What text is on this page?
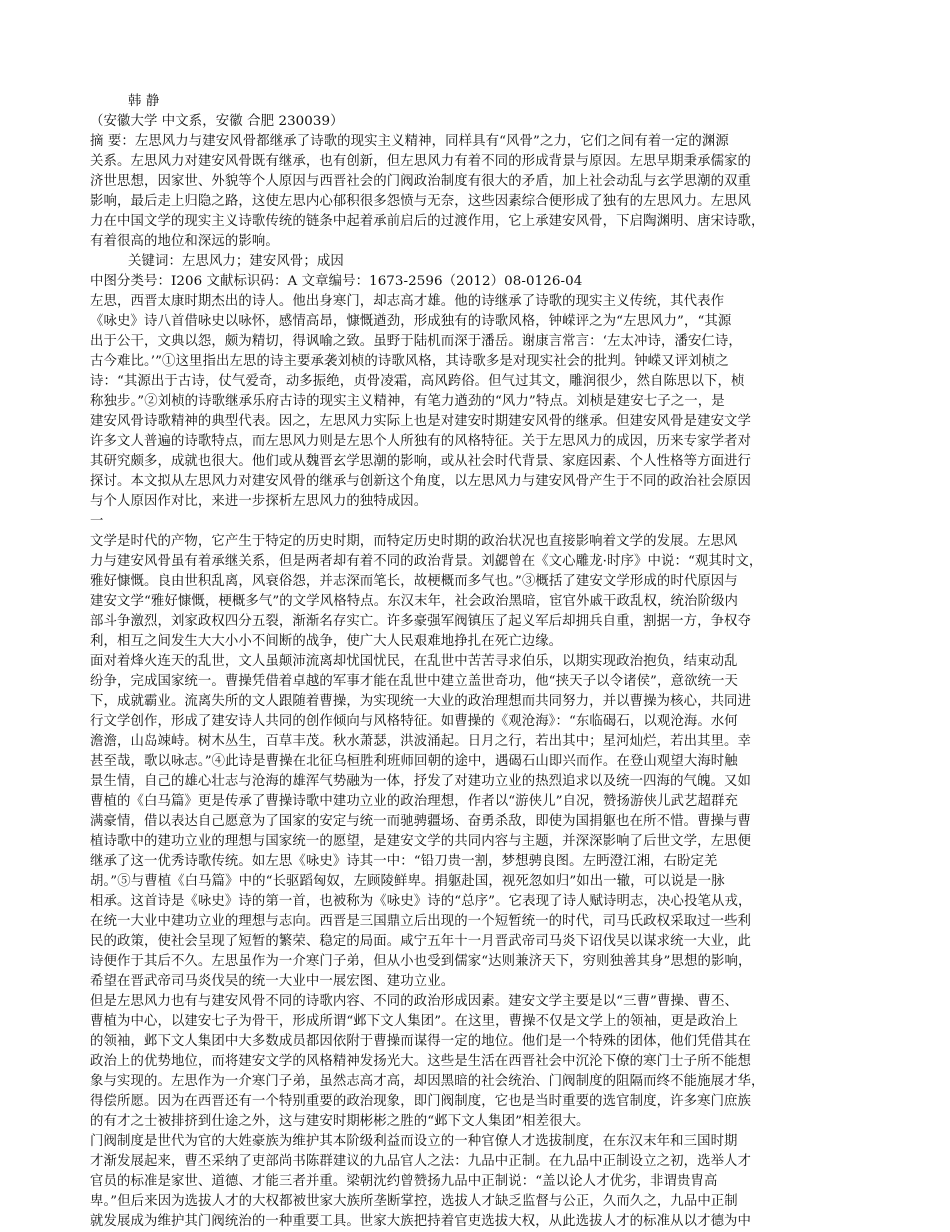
韩 静
（安徽大学 中文系，安徽 合肥 230039）
摘 要：左思风力与建安风骨都继承了诗歌的现实主义精神，同样具有“风骨”之力，它们之间有着一定的渊源
关系。左思风力对建安风骨既有继承，也有创新，但左思风力有着不同的形成背景与原因。左思早期秉承儒家的
济世思想，因家世、外貌等个人原因与西晋社会的门阀政治制度有很大的矛盾，加上社会动乱与玄学思潮的双重
影响，最后走上归隐之路，这使左思内心郁积很多怨愤与无奈，这些因素综合便形成了独有的左思风力。左思风
力在中国文学的现实主义诗歌传统的链条中起着承前启后的过渡作用，它上承建安风骨，下启陶渊明、唐宋诗歌，
有着很高的地位和深远的影响。
关键词：左思风力；建安风骨；成因
中图分类号：I206 文献标识码：A 文章编号：1673-2596（2012）08-0126-04
左思，西晋太康时期杰出的诗人。他出身寒门，却志高才雄。他的诗继承了诗歌的现实主义传统，其代表作
《咏史》诗八首借咏史以咏怀，感情高昂，慷慨遒劲，形成独有的诗歌风格，钟嵘评之为“左思风力”，“其源
出于公干，文典以怨，颇为精切，得讽喻之致。虽野于陆机而深于潘岳。谢康言常言：‘左太冲诗，潘安仁诗，
古今难比。’”①这里指出左思的诗主要承袭刘桢的诗歌风格，其诗歌多是对现实社会的批判。钟嵘又评刘桢之
诗：“其源出于古诗，仗气爱奇，动多振绝，贞骨凌霜，高风跨俗。但气过其文，雕润很少，然自陈思以下，桢
称独步。”②刘桢的诗歌继承乐府古诗的现实主义精神，有笔力遒劲的“风力”特点。刘桢是建安七子之一，是
建安风骨诗歌精神的典型代表。因之，左思风力实际上也是对建安时期建安风骨的继承。但建安风骨是建安文学
许多文人普遍的诗歌特点，而左思风力则是左思个人所独有的风格特征。关于左思风力的成因，历来专家学者对
其研究颇多，成就也很大。他们或从魏晋玄学思潮的影响，或从社会时代背景、家庭因素、个人性格等方面进行
探讨。本文拟从左思风力对建安风骨的继承与创新这个角度，以左思风力与建安风骨产生于不同的政治社会原因
与个人原因作对比，来进一步探析左思风力的独特成因。
一
文学是时代的产物，它产生于特定的历史时期，而特定历史时期的政治状况也直接影响着文学的发展。左思风
力与建安风骨虽有着承继关系，但是两者却有着不同的政治背景。刘勰曾在《文心雕龙·时序》中说：“观其时文，
雅好慷慨。良由世积乱离，风衰俗怨，并志深而笔长，故梗概而多气也。”③概括了建安文学形成的时代原因与
建安文学“雅好慷慨，梗概多气”的文学风格特点。东汉末年，社会政治黑暗，宦官外戚干政乱权，统治阶级内
部斗争激烈，刘家政权四分五裂，渐渐名存实亡。许多豪强军阀镇压了起义军后却拥兵自重，割据一方，争权夺
利，相互之间发生大大小小不间断的战争，使广大人民艰难地挣扎在死亡边缘。
面对着烽火连天的乱世，文人虽颠沛流离却忧国忧民，在乱世中苦苦寻求伯乐，以期实现政治抱负，结束动乱
纷争，完成国家统一。曹操凭借着卓越的军事才能在乱世中建立盖世奇功，他“挟天子以令诸侯”，意欲统一天
下，成就霸业。流离失所的文人跟随着曹操，为实现统一大业的政治理想而共同努力，并以曹操为核心，共同进
行文学创作，形成了建安诗人共同的创作倾向与风格特征。如曹操的《观沧海》：“东临碣石，以观沧海。水何
澹澹，山岛竦峙。树木丛生，百草丰茂。秋水萧瑟，洪波涌起。日月之行，若出其中；星河灿烂，若出其里。幸
甚至哉，歌以咏志。”④此诗是曹操在北征乌桓胜利班师回朝的途中，遇碣石山即兴而作。在登山观望大海时触
景生情，自己的雄心壮志与沧海的雄浑气势融为一体，抒发了对建功立业的热烈追求以及统一四海的气魄。又如
曹植的《白马篇》更是传承了曹操诗歌中建功立业的政治理想，作者以“游侠儿”自况，赞扬游侠儿武艺超群充
满豪情，借以表达自己愿意为了国家的安定与统一而驰骋疆场、奋勇杀敌，即使为国捐躯也在所不惜。曹操与曹
植诗歌中的建功立业的理想与国家统一的愿望，是建安文学的共同内容与主题，并深深影响了后世文学，左思便
继承了这一优秀诗歌传统。如左思《咏史》诗其一中：“铅刀贵一割，梦想骋良图。左眄澄江湘，右盼定羌
胡。”⑤与曹植《白马篇》中的“长驱蹈匈奴，左顾陵鲜卑。捐躯赴国，视死忽如归”如出一辙，可以说是一脉
相承。这首诗是《咏史》诗的第一首，也被称为《咏史》诗的“总序”。它表现了诗人赋诗明志，决心投笔从戎，
在统一大业中建功立业的理想与志向。西晋是三国鼎立后出现的一个短暂统一的时代，司马氏政权采取过一些利
民的政策，使社会呈现了短暂的繁荣、稳定的局面。咸宁五年十一月晋武帝司马炎下诏伐吴以谋求统一大业，此
诗便作于其后不久。左思虽作为一介寒门子弟，但从小也受到儒家“达则兼济天下，穷则独善其身”思想的影响，
希望在晋武帝司马炎伐吴的统一大业中一展宏图、建功立业。
但是左思风力也有与建安风骨不同的诗歌内容、不同的政治形成因素。建安文学主要是以“三曹”曹操、曹丕、
曹植为中心，以建安七子为骨干，形成所谓“邺下文人集团”。在这里，曹操不仅是文学上的领袖，更是政治上
的领袖，邺下文人集团中大多数成员都因依附于曹操而谋得一定的地位。他们是一个特殊的团体，他们凭借其在
政治上的优势地位，而将建安文学的风格精神发扬光大。这些是生活在西晋社会中沉沦下僚的寒门士子所不能想
象与实现的。左思作为一介寒门子弟，虽然志高才高，却因黑暗的社会统治、门阀制度的阻隔而终不能施展才华，
得偿所愿。因为在西晋还有一个特别重要的政治现象，即门阀制度，它也是当时重要的选官制度，许多寒门庶族
的有才之士被排挤到仕途之外，这与建安时期彬彬之胜的“邺下文人集团”相差很大。
门阀制度是世代为官的大姓豪族为维护其本阶级利益而设立的一种官僚人才选拔制度，在东汉末年和三国时期
才渐发展起来，曹丕采纳了吏部尚书陈群建议的九品官人之法：九品中正制。在九品中正制设立之初，选举人才
官员的标准是家世、道德、才能三者并重。梁朝沈约曾赞扬九品中正制说：“盖以论人才优劣，非谓贵胄高
卑。”但后来因为选拔人才的大权都被世家大族所垄断掌控，选拔人才缺乏监督与公正，久而久之，九品中正制
就发展成为维护其门阀统治的一种重要工具。世家大族把持着官吏选拔大权，从此选拔人才的标准从以才德为中
